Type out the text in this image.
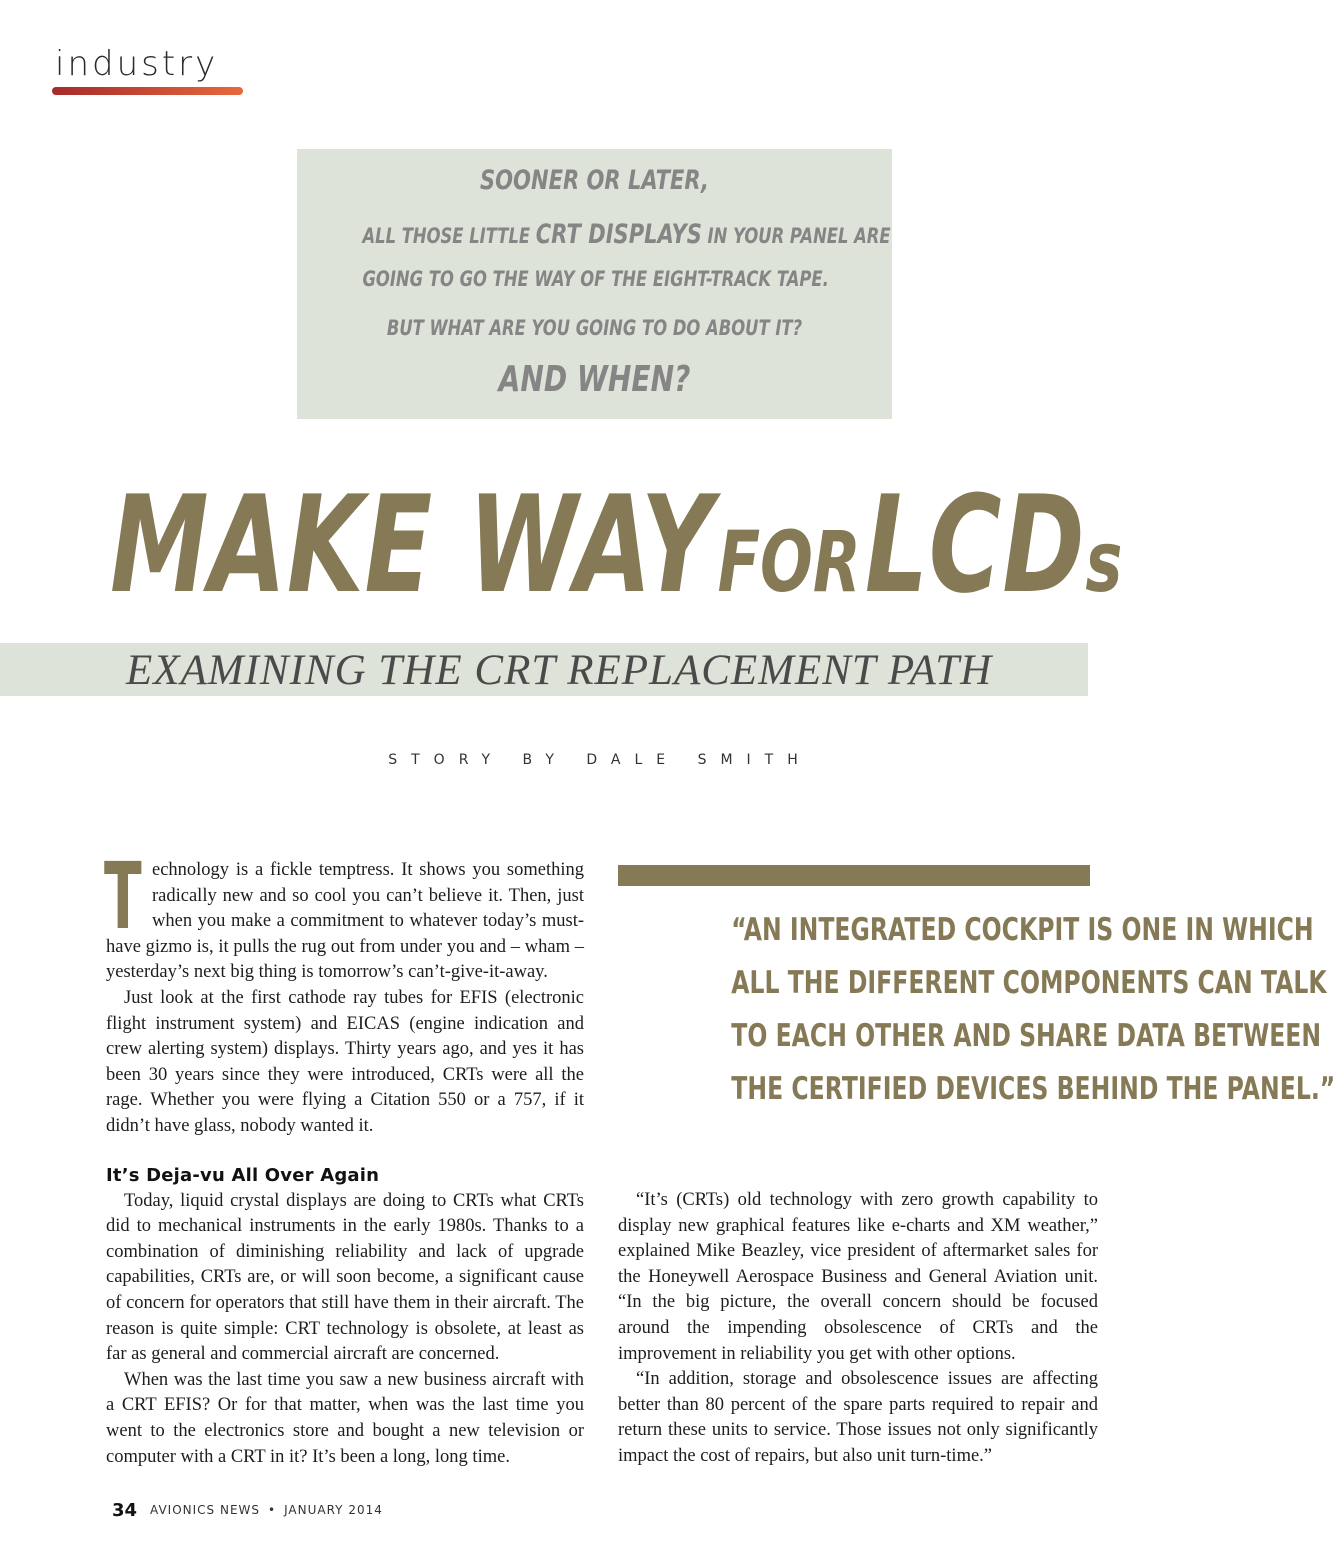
industry
SOONER OR LATER,
ALL THOSE LITTLE CRT DISPLAYS IN YOUR PANEL ARE
GOING TO GO THE WAY OF THE EIGHT-TRACK TAPE.
BUT WHAT ARE YOU GOING TO DO ABOUT IT?
AND WHEN?
MAKE WAY FOR LCDs
EXAMINING THE CRT REPLACEMENT PATH
STORY BY DALE SMITH

Technology is a fickle temptress. It shows you something radically new and so cool you can’t believe it. Then, just when you make a commitment to whatever today’s must-have gizmo is, it pulls the rug out from under you and – wham – yesterday’s next big thing is tomorrow’s can’t-give-it-away.

Just look at the first cathode ray tubes for EFIS (electronic flight instrument system) and EICAS (engine indication and crew alerting system) displays. Thirty years ago, and yes it has been 30 years since they were introduced, CRTs were all the rage. Whether you were flying a Citation 550 or a 757, if it didn’t have glass, nobody wanted it.

It’s Deja-vu All Over Again

Today, liquid crystal displays are doing to CRTs what CRTs did to mechanical instruments in the early 1980s. Thanks to a combination of diminishing reliability and lack of upgrade capabilities, CRTs are, or will soon become, a significant cause of concern for operators that still have them in their aircraft. The reason is quite simple: CRT technology is obsolete, at least as far as general and commercial aircraft are concerned.

When was the last time you saw a new business aircraft with a CRT EFIS? Or for that matter, when was the last time you went to the electronics store and bought a new television or computer with a CRT in it? It’s been a long, long time.

“AN INTEGRATED COCKPIT IS ONE IN WHICH
ALL THE DIFFERENT COMPONENTS CAN TALK
TO EACH OTHER AND SHARE DATA BETWEEN
THE CERTIFIED DEVICES BEHIND THE PANEL.”

“It’s (CRTs) old technology with zero growth capability to display new graphical features like e-charts and XM weather,” explained Mike Beazley, vice president of aftermarket sales for the Honeywell Aerospace Business and General Aviation unit. “In the big picture, the overall concern should be focused around the impending obsolescence of CRTs and the improvement in reliability you get with other options.

“In addition, storage and obsolescence issues are affecting better than 80 percent of the spare parts required to repair and return these units to service. Those issues not only significantly impact the cost of repairs, but also unit turn-time.”

34 AVIONICS NEWS • JANUARY 2014
